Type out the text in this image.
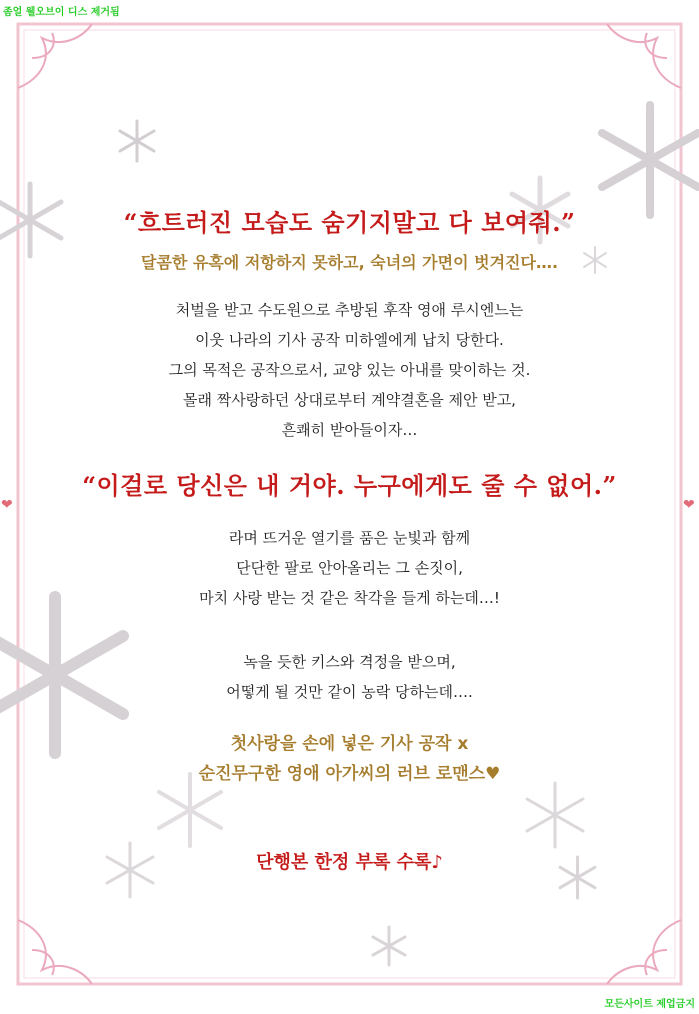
좀얼 웰오브이 디스 제거됨
❤	❤
“흐트러진 모습도 숨기지말고 다 보여줘.”
달콤한 유혹에 저항하지 못하고, 숙녀의 가면이 벗겨진다….
처벌을 받고 수도원으로 추방된 후작 영애 루시엔느는
이웃 나라의 기사 공작 미하엘에게 납치 당한다.
그의 목적은 공작으로서, 교양 있는 아내를 맞이하는 것.
몰래 짝사랑하던 상대로부터 계약결혼을 제안 받고,
흔쾌히 받아들이자…
“이걸로 당신은 내 거야. 누구에게도 줄 수 없어.”
라며 뜨거운 열기를 품은 눈빛과 함께
단단한 팔로 안아올리는 그 손짓이,
마치 사랑 받는 것 같은 착각을 들게 하는데…!
녹을 듯한 키스와 격정을 받으며,
어떻게 될 것만 같이 농락 당하는데….
첫사랑을 손에 넣은 기사 공작 x
순진무구한 영애 아가씨의 러브 로맨스♥
단행본 한정 부록 수록♪
모든사이트 제업금지
